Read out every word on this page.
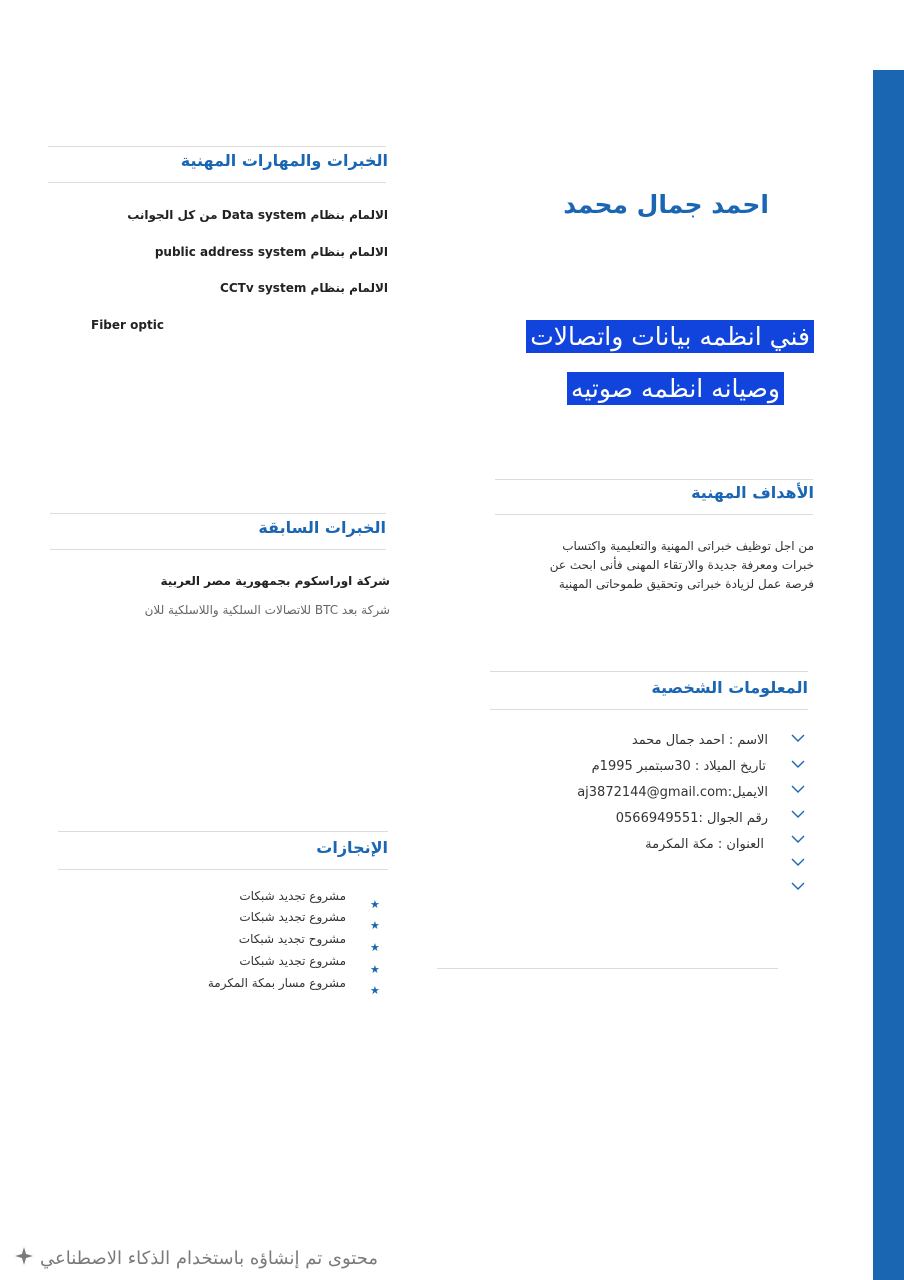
احمد جمال محمد
فني انظمه بيانات واتصالات
وصيانه انظمه صوتيه
الخبرات والمهارات المهنية
الالمام بنظام Data system من كل الجوانب
الالمام بنظام public address system
الالمام بنظام CCTv system
Fiber optic
الخبرات السابقة
شركة اوراسكوم بجمهورية مصر العربية
شركة بعد BTC للاتصالات السلكية واللاسلكية للان
الأهداف المهنية
من اجل توظيف خبراتى المهنية والتعليمية واكتساب
خبرات ومعرفة جديدة والارتقاء المهنى فأنى ابحث عن
فرصة عمل لزيادة خبراتى وتحقيق طموحاتى المهنية
المعلومات الشخصية
الاسم : احمد جمال محمد
تاريخ الميلاد : 30سبتمبر 1995م
الايميل:aj3872144@gmail.com
رقم الجوال :0566949551
العنوان : مكة المكرمة
الإنجازات
★
★
★
★
★
مشروع تجديد شبكات
مشروع تجديد شبكات
مشروح تجديد شبكات
مشروع تجديد شبكات
مشروع مسار بمكة المكرمة
محتوى تم إنشاؤه باستخدام الذكاء الاصطناعي
